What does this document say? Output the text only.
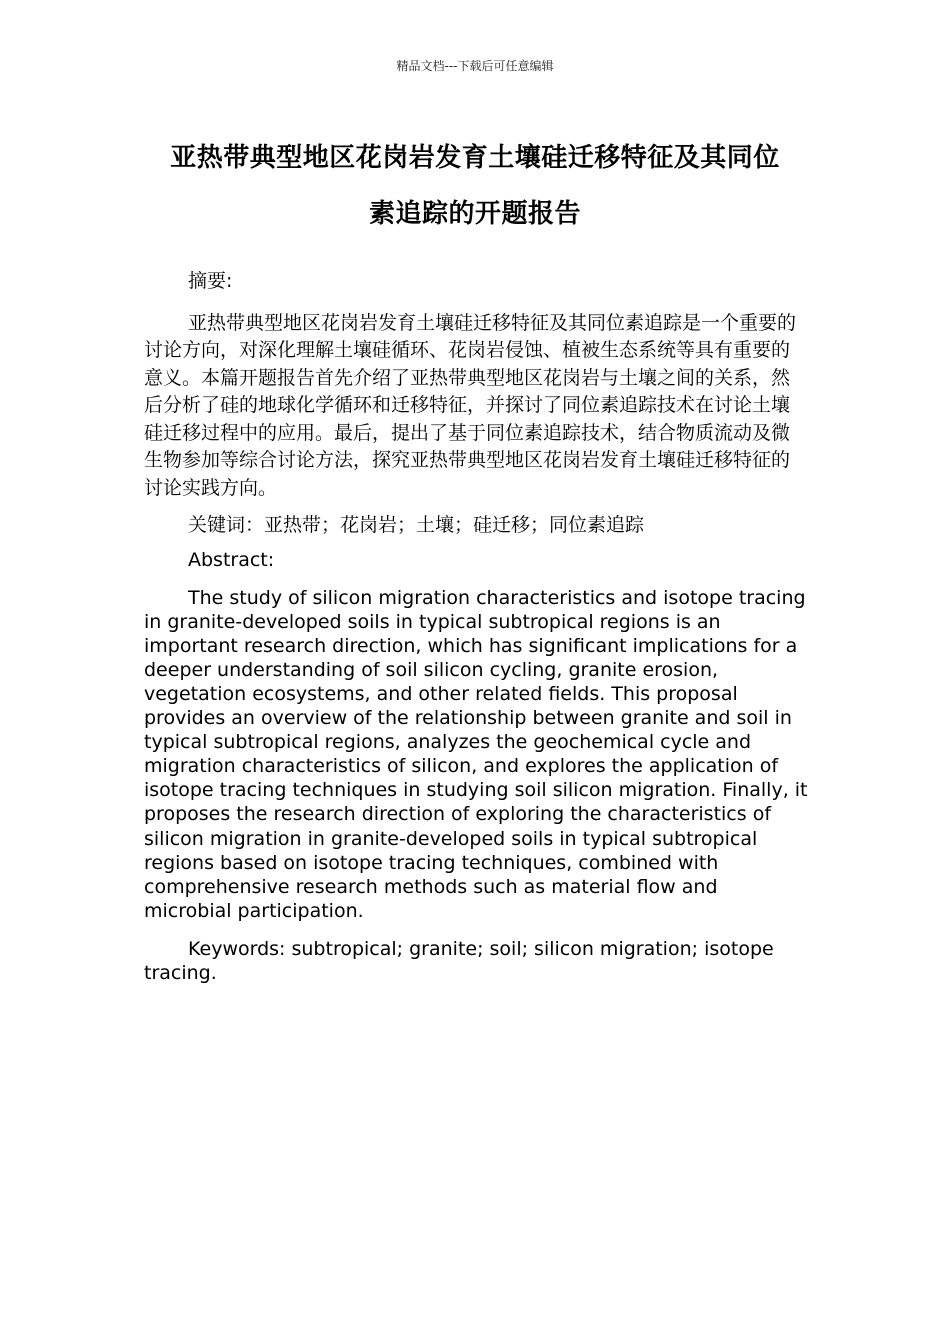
精品文档---下载后可任意编辑
亚热带典型地区花岗岩发育土壤硅迁移特征及其同位
素追踪的开题报告

摘要:

亚热带典型地区花岗岩发育土壤硅迁移特征及其同位素追踪是一个重要的讨论方向，对深化理解土壤硅循环、花岗岩侵蚀、植被生态系统等具有重要的意义。本篇开题报告首先介绍了亚热带典型地区花岗岩与土壤之间的关系，然后分析了硅的地球化学循环和迁移特征，并探讨了同位素追踪技术在讨论土壤硅迁移过程中的应用。最后，提出了基于同位素追踪技术，结合物质流动及微生物参加等综合讨论方法，探究亚热带典型地区花岗岩发育土壤硅迁移特征的讨论实践方向。

关键词：亚热带；花岗岩；土壤；硅迁移；同位素追踪

Abstract:

The study of silicon migration characteristics and isotope tracing in granite-developed soils in typical subtropical regions is an important research direction, which has significant implications for a deeper understanding of soil silicon cycling, granite erosion, vegetation ecosystems, and other related fields. This proposal provides an overview of the relationship between granite and soil in typical subtropical regions, analyzes the geochemical cycle and migration characteristics of silicon, and explores the application of isotope tracing techniques in studying soil silicon migration. Finally, it proposes the research direction of exploring the characteristics of silicon migration in granite-developed soils in typical subtropical regions based on isotope tracing techniques, combined with comprehensive research methods such as material flow and microbial participation.

Keywords: subtropical; granite; soil; silicon migration; isotope tracing.
